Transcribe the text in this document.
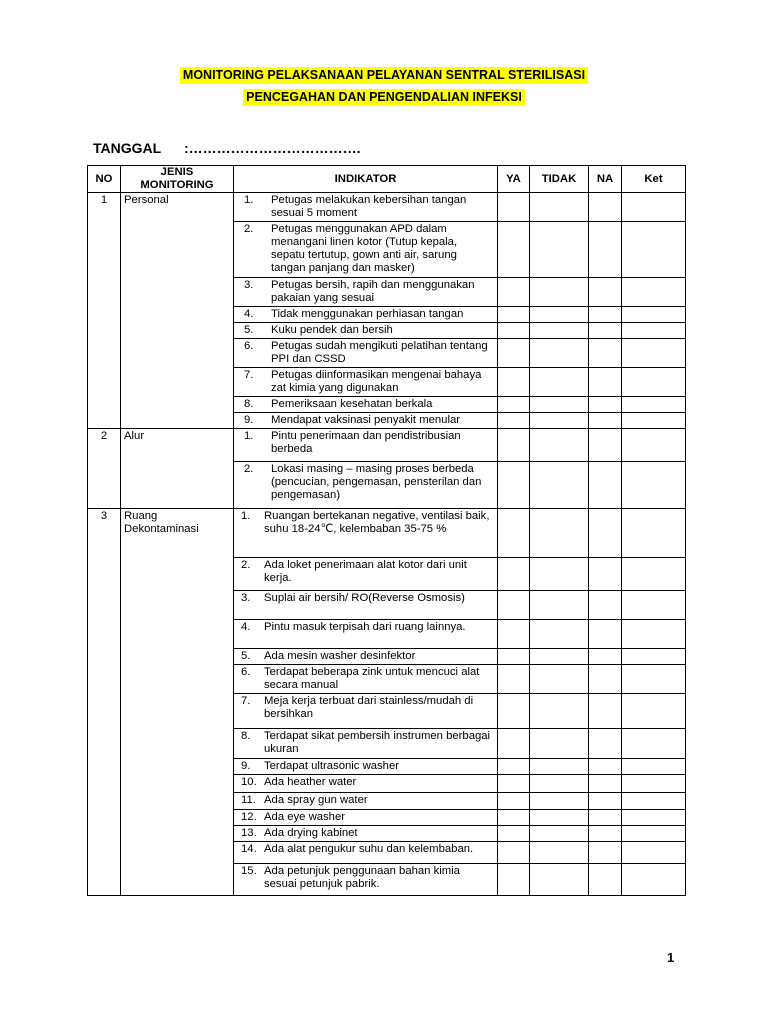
MONITORING PELAKSANAAN PELAYANAN SENTRAL STERILISASI
PENCEGAHAN DAN PENGENDALIAN INFEKSI
TANGGAL :……………………………….
NO	JENIS MONITORING	INDIKATOR	YA	TIDAK	NA	Ket
1	Personal	1. Petugas melakukan kebersihan tangan sesuai 5 moment				

		2. Petugas menggunakan APD dalam menangani linen kotor (Tutup kepala, sepatu tertutup, gown anti air, sarung tangan panjang dan masker)				

		3. Petugas bersih, rapih dan menggunakan pakaian yang sesuai				

		4. Tidak menggunakan perhiasan tangan				

		5. Kuku pendek dan bersih				

		6. Petugas sudah mengikuti pelatihan tentang PPI dan CSSD				

		7. Petugas diinformasikan mengenai bahaya zat kimia yang digunakan				

		8. Pemeriksaan kesehatan berkala				

		9. Mendapat vaksinasi penyakit menular				

2	Alur	1. Pintu penerimaan dan pendistribusian berbeda				

		2. Lokasi masing – masing proses berbeda (pencucian, pengemasan, pensterilan dan pengemasan)				

3	Ruang Dekontaminasi	1. Ruangan bertekanan negative, ventilasi baik, suhu 18-24℃, kelembaban 35-75 %				

		2. Ada loket penerimaan alat kotor dari unit kerja.				

		3. Suplai air bersih/ RO(Reverse Osmosis)				

		4. Pintu masuk terpisah dari ruang lainnya.				

		5. Ada mesin washer desinfektor				

		6. Terdapat beberapa zink untuk mencuci alat secara manual				

		7. Meja kerja terbuat dari stainless/mudah di bersihkan				

		8. Terdapat sikat pembersih instrumen berbagai ukuran				

		9. Terdapat ultrasonic washer				

		10. Ada heather water				

		11. Ada spray gun water				

		12. Ada eye washer				

		13. Ada drying kabinet				

		14. Ada alat pengukur suhu dan kelembaban.				

		15. Ada petunjuk penggunaan bahan kimia sesuai petunjuk pabrik.				

1
